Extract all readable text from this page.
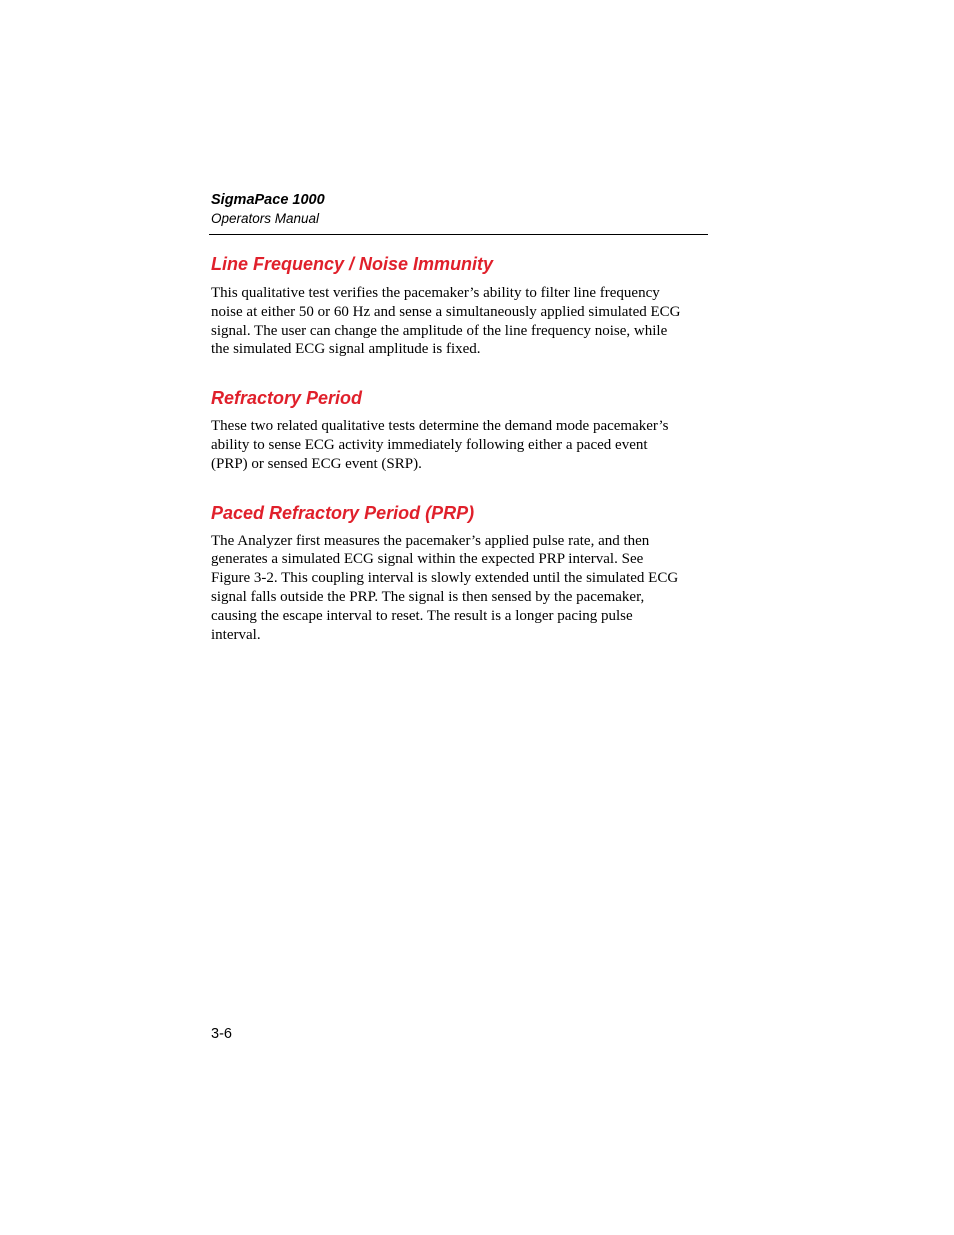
SigmaPace 1000
Operators Manual
Line Frequency / Noise Immunity
This qualitative test verifies the pacemaker’s ability to filter line frequency
noise at either 50 or 60 Hz and sense a simultaneously applied simulated ECG
signal. The user can change the amplitude of the line frequency noise, while
the simulated ECG signal amplitude is fixed.
Refractory Period
These two related qualitative tests determine the demand mode pacemaker’s
ability to sense ECG activity immediately following either a paced event
(PRP) or sensed ECG event (SRP).
Paced Refractory Period (PRP)
The Analyzer first measures the pacemaker’s applied pulse rate, and then
generates a simulated ECG signal within the expected PRP interval. See
Figure 3-2. This coupling interval is slowly extended until the simulated ECG
signal falls outside the PRP. The signal is then sensed by the pacemaker,
causing the escape interval to reset. The result is a longer pacing pulse
interval.
3-6
